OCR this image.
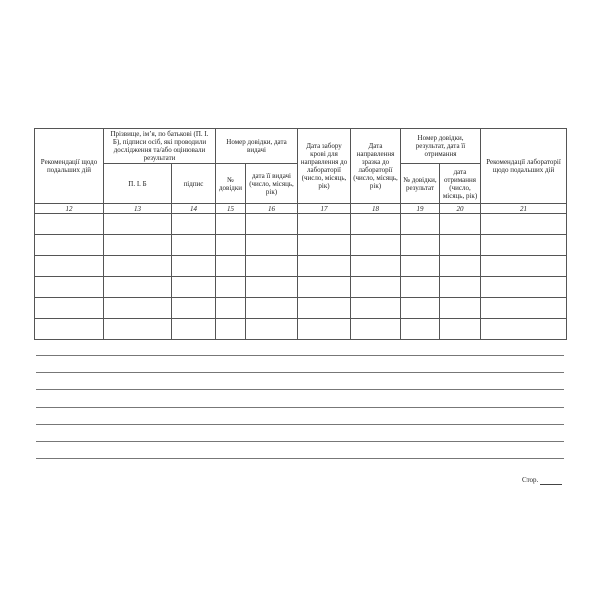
Рекомендації щодо подальших дій	Прізвище, ім’я, по батькові (П. І. Б), підписи осіб, які проводили дослідження та/або оцінювали результати		Номер довідки, дата видачі		Дата забору крові для направлення до лабораторії (число, місяць, рік)	Дата направлення зразка до лабораторії (число, місяць, рік)	Номер довідки, результат, дата її отримання		Рекомендації лабораторії щодо подальших дій
	П. І. Б	підпис	№ довідки	дата її видачі (число, місяць, рік)			№ довідки, результат	дата отримання (число, місяць, рік)	
12	13	14	15	16	17	18	19	20	21

Стор.
